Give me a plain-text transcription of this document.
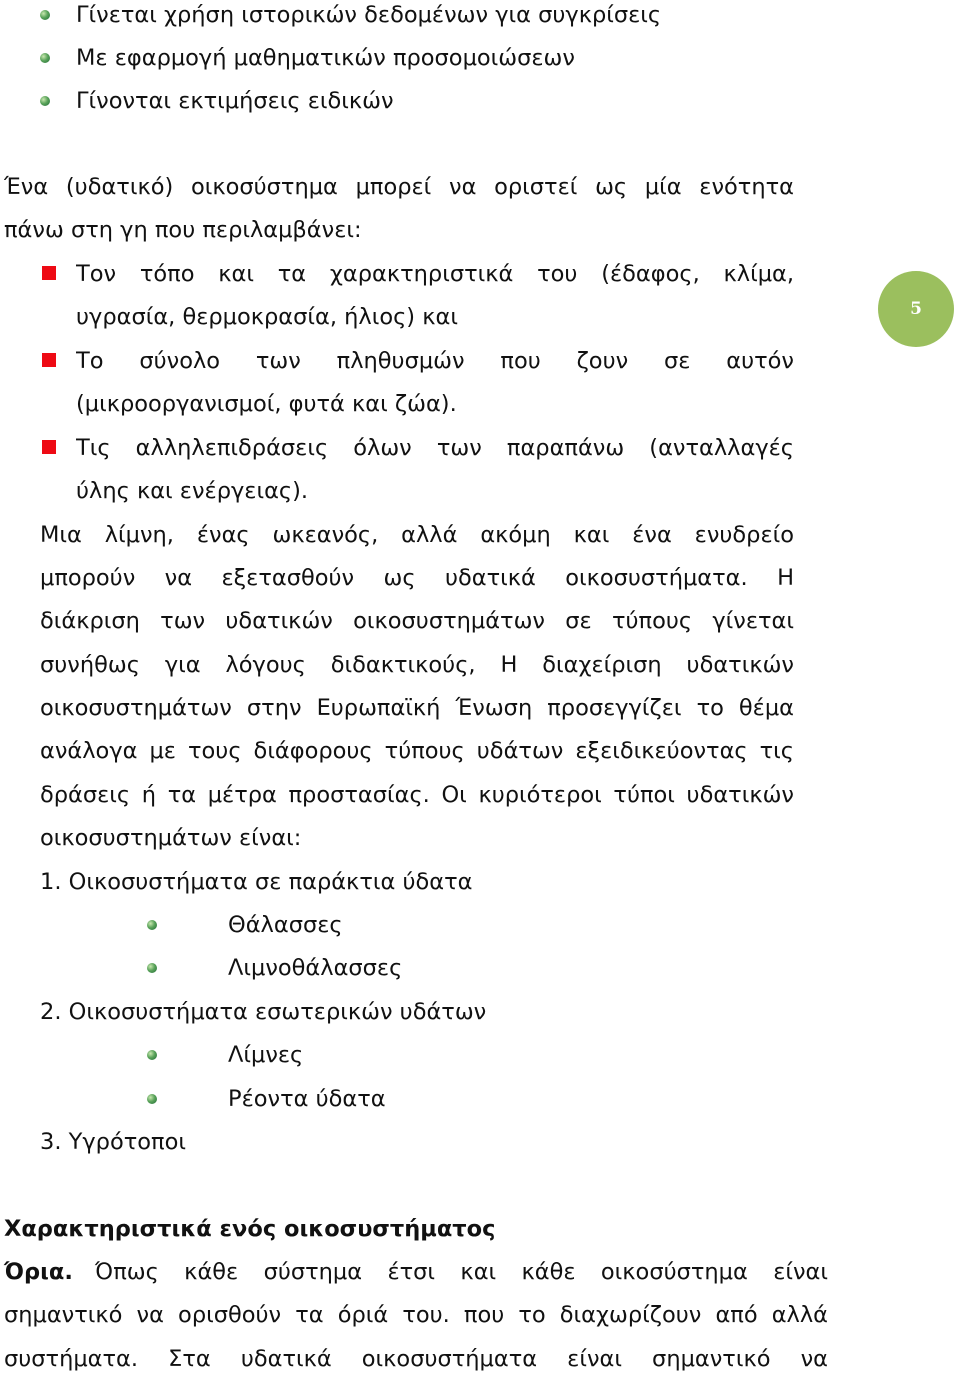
Γίνεται χρήση ιστορικών δεδομένων για συγκρίσεις
Με εφαρμογή μαθηματικών προσομοιώσεων
Γίνονται εκτιμήσεις ειδικών
Ένα (υδατικό) οικοσύστημα μπορεί να οριστεί ως μία ενότητα
πάνω στη γη που περιλαμβάνει:
Τον τόπο και τα χαρακτηριστικά του (έδαφος, κλίμα,
υγρασία, θερμοκρασία, ήλιος) και
Το σύνολο των πληθυσμών που ζουν σε αυτόν
(μικροοργανισμοί, φυτά και ζώα).
Τις αλληλεπιδράσεις όλων των παραπάνω (ανταλλαγές
ύλης και ενέργειας).
Μια λίμνη, ένας ωκεανός, αλλά ακόμη και ένα ενυδρείο
μπορούν να εξετασθούν ως υδατικά οικοσυστήματα. Η
διάκριση των υδατικών οικοσυστημάτων σε τύπους γίνεται
συνήθως για λόγους διδακτικούς, Η διαχείριση υδατικών
οικοσυστημάτων στην Ευρωπαϊκή Ένωση προσεγγίζει το θέμα
ανάλογα με τους διάφορους τύπους υδάτων εξειδικεύοντας τις
δράσεις ή τα μέτρα προστασίας. Οι κυριότεροι τύποι υδατικών
οικοσυστημάτων είναι:
1. Οικοσυστήματα σε παράκτια ύδατα
Θάλασσες
Λιμνοθάλασσες
2. Οικοσυστήματα εσωτερικών υδάτων
Λίμνες
Ρέοντα ύδατα
3. Υγρότοποι
Χαρακτηριστικά ενός οικοσυστήματος
Όρια. Όπως κάθε σύστημα έτσι και κάθε οικοσύστημα είναι
σημαντικό να ορισθούν τα όριά του. που το διαχωρίζουν από αλλά
συστήματα. Στα υδατικά οικοσυστήματα είναι σημαντικό να
5
